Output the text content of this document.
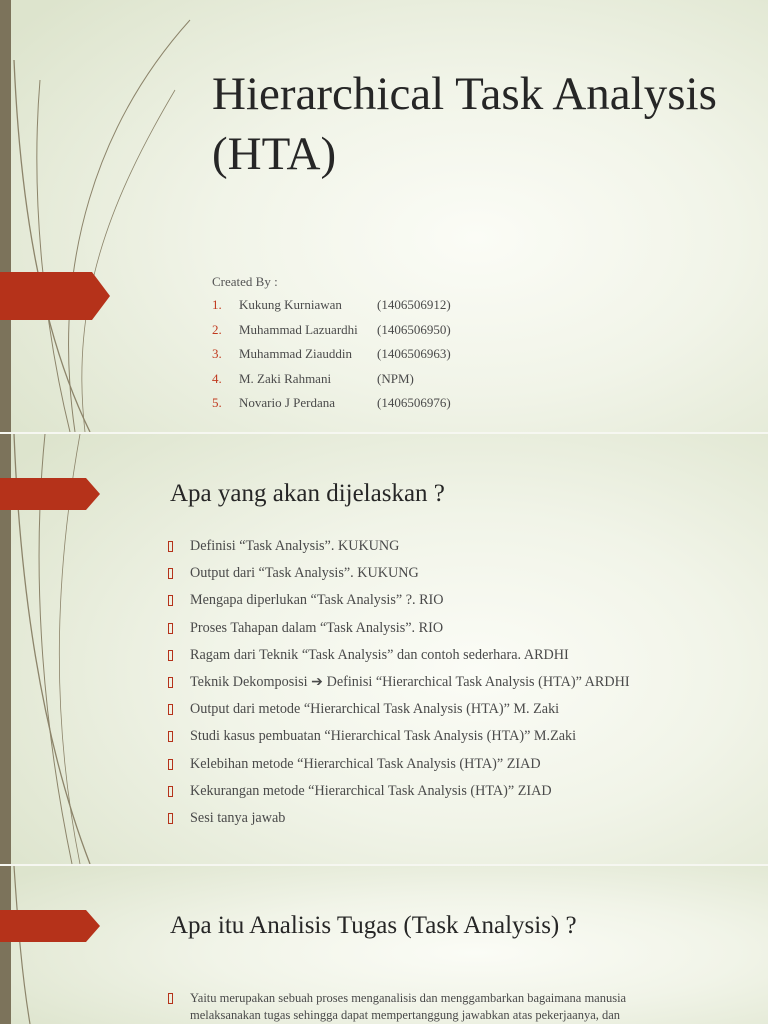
Hierarchical Task Analysis (HTA)
Created By :
1.	Kukung Kurniawan	(1406506912)
2.	Muhammad Lazuardhi	(1406506950)
3.	Muhammad Ziauddin	(1406506963)
4.	M. Zaki Rahmani	(NPM)
5.	Novario J Perdana	(1406506976)
Apa yang akan dijelaskan ?
Definisi “Task Analysis”. KUKUNG
Output dari “Task Analysis”. KUKUNG
Mengapa diperlukan “Task Analysis” ?. RIO
Proses Tahapan dalam “Task Analysis”. RIO
Ragam dari Teknik “Task Analysis” dan contoh sederhara. ARDHI
Teknik Dekomposisi ➔ Definisi “Hierarchical Task Analysis (HTA)” ARDHI
Output dari metode “Hierarchical Task Analysis (HTA)” M. Zaki
Studi kasus pembuatan “Hierarchical Task Analysis (HTA)” M.Zaki
Kelebihan metode “Hierarchical Task Analysis (HTA)” ZIAD
Kekurangan metode “Hierarchical Task Analysis (HTA)” ZIAD
Sesi tanya jawab
Apa itu Analisis Tugas (Task Analysis) ?
Yaitu merupakan sebuah proses menganalisis dan menggambarkan bagaimana manusia
melaksanakan tugas sehingga dapat mempertanggung jawabkan atas pekerjaanya, dan
